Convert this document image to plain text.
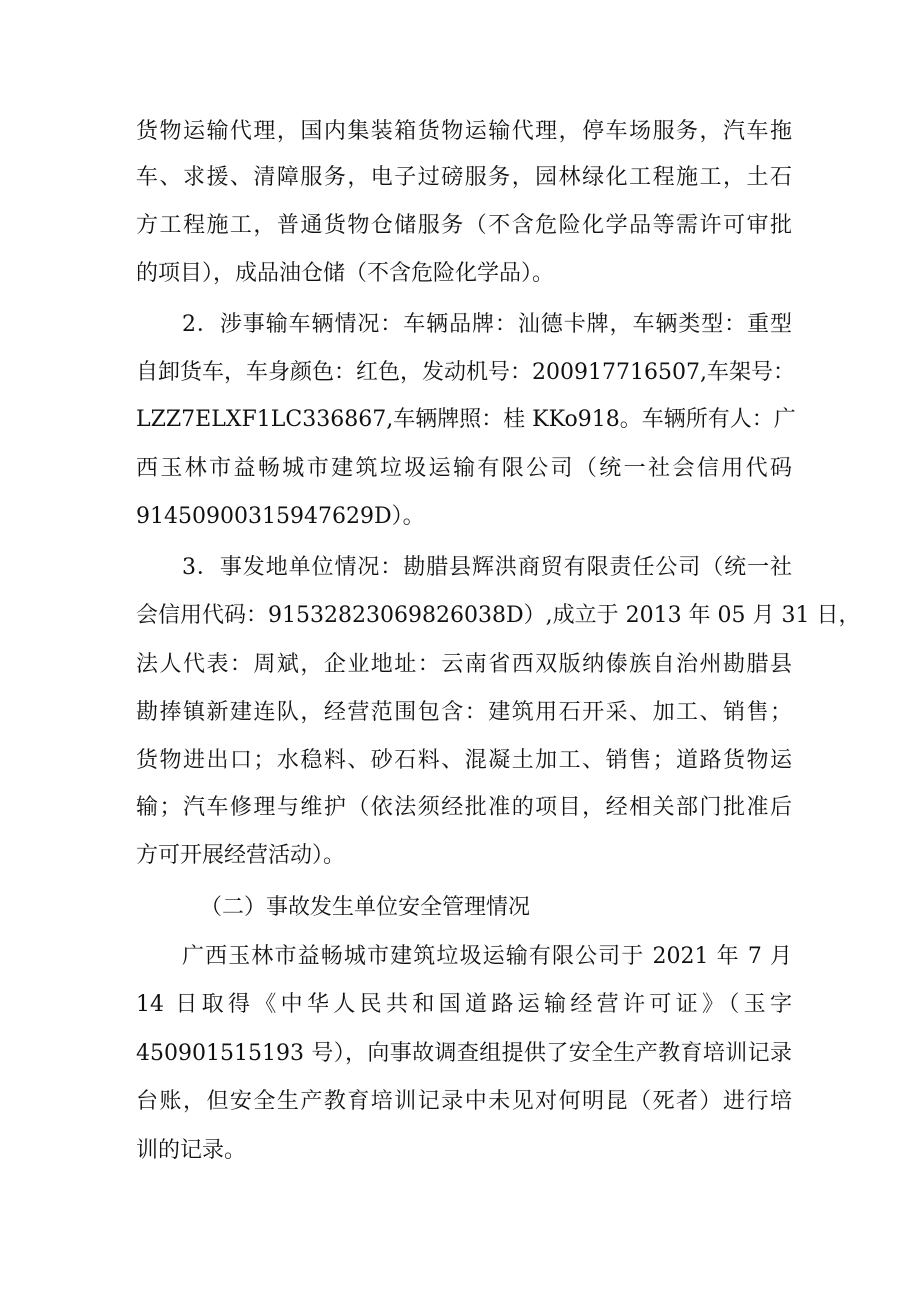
货物运输代理，国内集装箱货物运输代理，停车场服务，汽车拖
车、求援、清障服务，电子过磅服务，园林绿化工程施工，土石
方工程施工，普通货物仓储服务（不含危险化学品等需许可审批
的项目），成品油仓储（不含危险化学品）。
2．涉事输车辆情况：车辆品牌：汕德卡牌，车辆类型：重型
自卸货车，车身颜色：红色，发动机号：200917716507,车架号：
LZZ7ELXF1LC336867,车辆牌照：桂 KKo918。车辆所有人：广
西玉林市益畅城市建筑垃圾运输有限公司（统一社会信用代码
91450900315947629D）。
3．事发地单位情况：勘腊县辉洪商贸有限责任公司（统一社
会信用代码：91532823069826038D）,成立于 2013 年 05 月 31 日，
法人代表：周斌，企业地址：云南省西双版纳傣族自治州勘腊县
勘捧镇新建连队，经营范围包含：建筑用石开采、加工、销售；
货物进出口；水稳料、砂石料、混凝土加工、销售；道路货物运
输；汽车修理与维护（依法须经批准的项目，经相关部门批准后
方可开展经营活动）。
（二）事故发生单位安全管理情况
广西玉林市益畅城市建筑垃圾运输有限公司于 2021 年 7 月
14 日取得《中华人民共和国道路运输经营许可证》（玉字
450901515193 号），向事故调查组提供了安全生产教育培训记录
台账，但安全生产教育培训记录中未见对何明昆（死者）进行培
训的记录。
